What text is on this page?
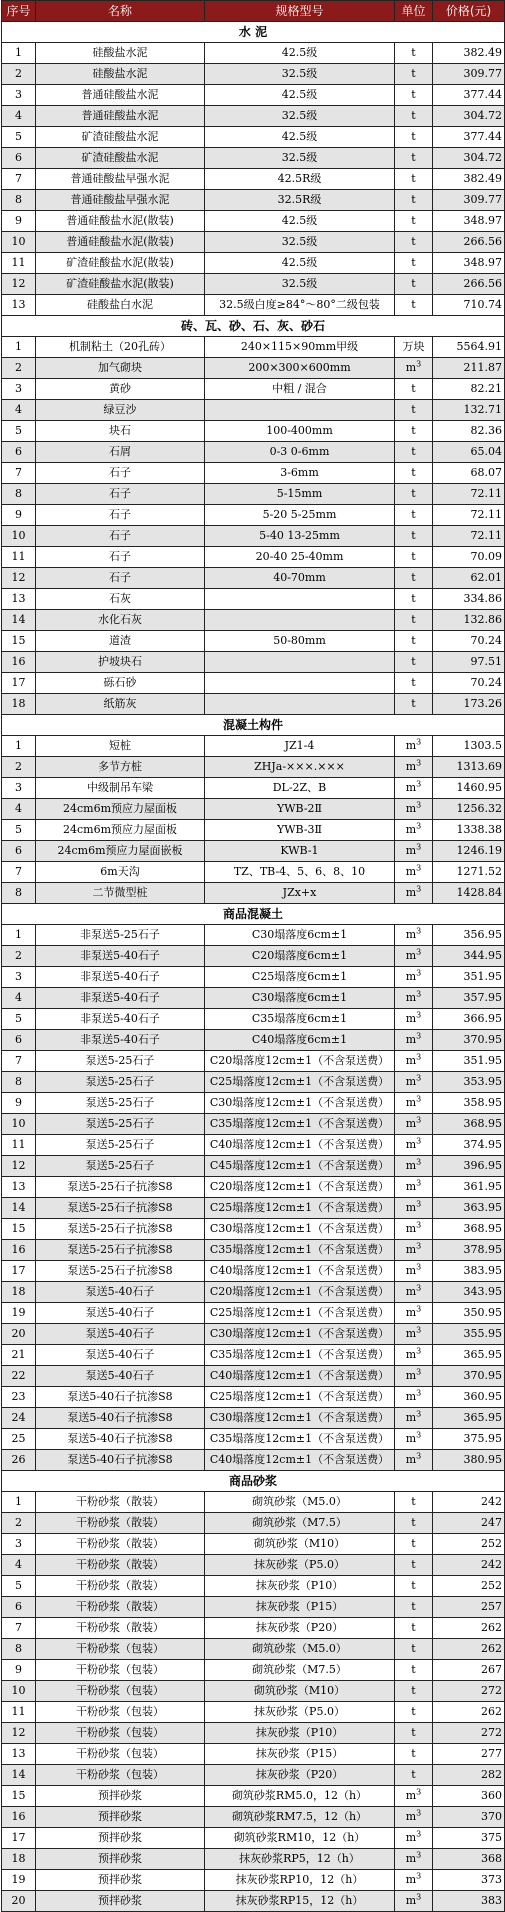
序号	名称	规格型号	单位	价格(元)
水 泥				
1	硅酸盐水泥	42.5级	t	382.49
2	硅酸盐水泥	32.5级	t	309.77
3	普通硅酸盐水泥	42.5级	t	377.44
4	普通硅酸盐水泥	32.5级	t	304.72
5	矿渣硅酸盐水泥	42.5级	t	377.44
6	矿渣硅酸盐水泥	32.5级	t	304.72
7	普通硅酸盐早强水泥	42.5R级	t	382.49
8	普通硅酸盐早强水泥	32.5R级	t	309.77
9	普通硅酸盐水泥(散装)	42.5级	t	348.97
10	普通硅酸盐水泥(散装)	32.5级	t	266.56
11	矿渣硅酸盐水泥(散装)	42.5级	t	348.97
12	矿渣硅酸盐水泥(散装)	32.5级	t	266.56
13	硅酸盐白水泥	32.5级白度≥84°～80°二级包装	t	710.74
砖、瓦、砂、石、灰、砂石				
1	机制粘土（20孔砖）	240×115×90mm甲级	万块	5564.91
2	加气砌块	200×300×600mm	$m^3$	211.87
3	黄砂	中粗 / 混合	t	82.21
4	绿豆沙		t	132.71
5	块石	100-400mm	t	82.36
6	石屑	0-3 0-6mm	t	65.04
7	石子	3-6mm	t	68.07
8	石子	5-15mm	t	72.11
9	石子	5-20 5-25mm	t	72.11
10	石子	5-40 13-25mm	t	72.11
11	石子	20-40 25-40mm	t	70.09
12	石子	40-70mm	t	62.01
13	石灰		t	334.86
14	水化石灰		t	132.86
15	道渣	50-80mm	t	70.24
16	护坡块石		t	97.51
17	砾石砂		t	70.24
18	纸筋灰		t	173.26
混凝土构件				
1	短桩	JZ1-4	$m^3$	1303.5
2	多节方桩	ZHJa-×××.×××	$m^3$	1313.69
3	中级制吊车梁	DL-2Z、B	$m^3$	1460.95
4	24cm6m预应力屋面板	YWB-2Ⅱ	$m^3$	1256.32
5	24cm6m预应力屋面板	YWB-3Ⅱ	$m^3$	1338.38
6	24cm6m预应力屋面嵌板	KWB-1	$m^3$	1246.19
7	6m天沟	TZ、TB-4、5、6、8、10	$m^3$	1271.52
8	二节微型桩	JZx+x	$m^3$	1428.84
商品混凝土				
1	非泵送5-25石子	C30塌落度6cm±1	$m^3$	356.95
2	非泵送5-40石子	C20塌落度6cm±1	$m^3$	344.95
3	非泵送5-40石子	C25塌落度6cm±1	$m^3$	351.95
4	非泵送5-40石子	C30塌落度6cm±1	$m^3$	357.95
5	非泵送5-40石子	C35塌落度6cm±1	$m^3$	366.95
6	非泵送5-40石子	C40塌落度6cm±1	$m^3$	370.95
7	泵送5-25石子	C20塌落度12cm±1（不含泵送费）	$m^3$	351.95
8	泵送5-25石子	C25塌落度12cm±1（不含泵送费）	$m^3$	353.95
9	泵送5-25石子	C30塌落度12cm±1（不含泵送费）	$m^3$	358.95
10	泵送5-25石子	C35塌落度12cm±1（不含泵送费）	$m^3$	368.95
11	泵送5-25石子	C40塌落度12cm±1（不含泵送费）	$m^3$	374.95
12	泵送5-25石子	C45塌落度12cm±1（不含泵送费）	$m^3$	396.95
13	泵送5-25石子抗渗S8	C20塌落度12cm±1（不含泵送费）	$m^3$	361.95
14	泵送5-25石子抗渗S8	C25塌落度12cm±1（不含泵送费）	$m^3$	363.95
15	泵送5-25石子抗渗S8	C30塌落度12cm±1（不含泵送费）	$m^3$	368.95
16	泵送5-25石子抗渗S8	C35塌落度12cm±1（不含泵送费）	$m^3$	378.95
17	泵送5-25石子抗渗S8	C40塌落度12cm±1（不含泵送费）	$m^3$	383.95
18	泵送5-40石子	C20塌落度12cm±1（不含泵送费）	$m^3$	343.95
19	泵送5-40石子	C25塌落度12cm±1（不含泵送费）	$m^3$	350.95
20	泵送5-40石子	C30塌落度12cm±1（不含泵送费）	$m^3$	355.95
21	泵送5-40石子	C35塌落度12cm±1（不含泵送费）	$m^3$	365.95
22	泵送5-40石子	C40塌落度12cm±1（不含泵送费）	$m^3$	370.95
23	泵送5-40石子抗渗S8	C25塌落度12cm±1（不含泵送费）	$m^3$	360.95
24	泵送5-40石子抗渗S8	C30塌落度12cm±1（不含泵送费）	$m^3$	365.95
25	泵送5-40石子抗渗S8	C35塌落度12cm±1（不含泵送费）	$m^3$	375.95
26	泵送5-40石子抗渗S8	C40塌落度12cm±1（不含泵送费）	$m^3$	380.95
商品砂浆				
1	干粉砂浆（散装）	砌筑砂浆（M5.0）	t	242
2	干粉砂浆（散装）	砌筑砂浆（M7.5）	t	247
3	干粉砂浆（散装）	砌筑砂浆（M10）	t	252
4	干粉砂浆（散装）	抹灰砂浆（P5.0）	t	242
5	干粉砂浆（散装）	抹灰砂浆（P10）	t	252
6	干粉砂浆（散装）	抹灰砂浆（P15）	t	257
7	干粉砂浆（散装）	抹灰砂浆（P20）	t	262
8	干粉砂浆（包装）	砌筑砂浆（M5.0）	t	262
9	干粉砂浆（包装）	砌筑砂浆（M7.5）	t	267
10	干粉砂浆（包装）	砌筑砂浆（M10）	t	272
11	干粉砂浆（包装）	抹灰砂浆（P5.0）	t	262
12	干粉砂浆（包装）	抹灰砂浆（P10）	t	272
13	干粉砂浆（包装）	抹灰砂浆（P15）	t	277
14	干粉砂浆（包装）	抹灰砂浆（P20）	t	282
15	预拌砂浆	砌筑砂浆RM5.0，12（h）	$m^3$	360
16	预拌砂浆	砌筑砂浆RM7.5，12（h）	$m^3$	370
17	预拌砂浆	砌筑砂浆RM10，12（h）	$m^3$	375
18	预拌砂浆	抹灰砂浆RP5，12（h）	$m^3$	368
19	预拌砂浆	抹灰砂浆RP10，12（h）	$m^3$	373
20	预拌砂浆	抹灰砂浆RP15，12（h）	$m^3$	383
